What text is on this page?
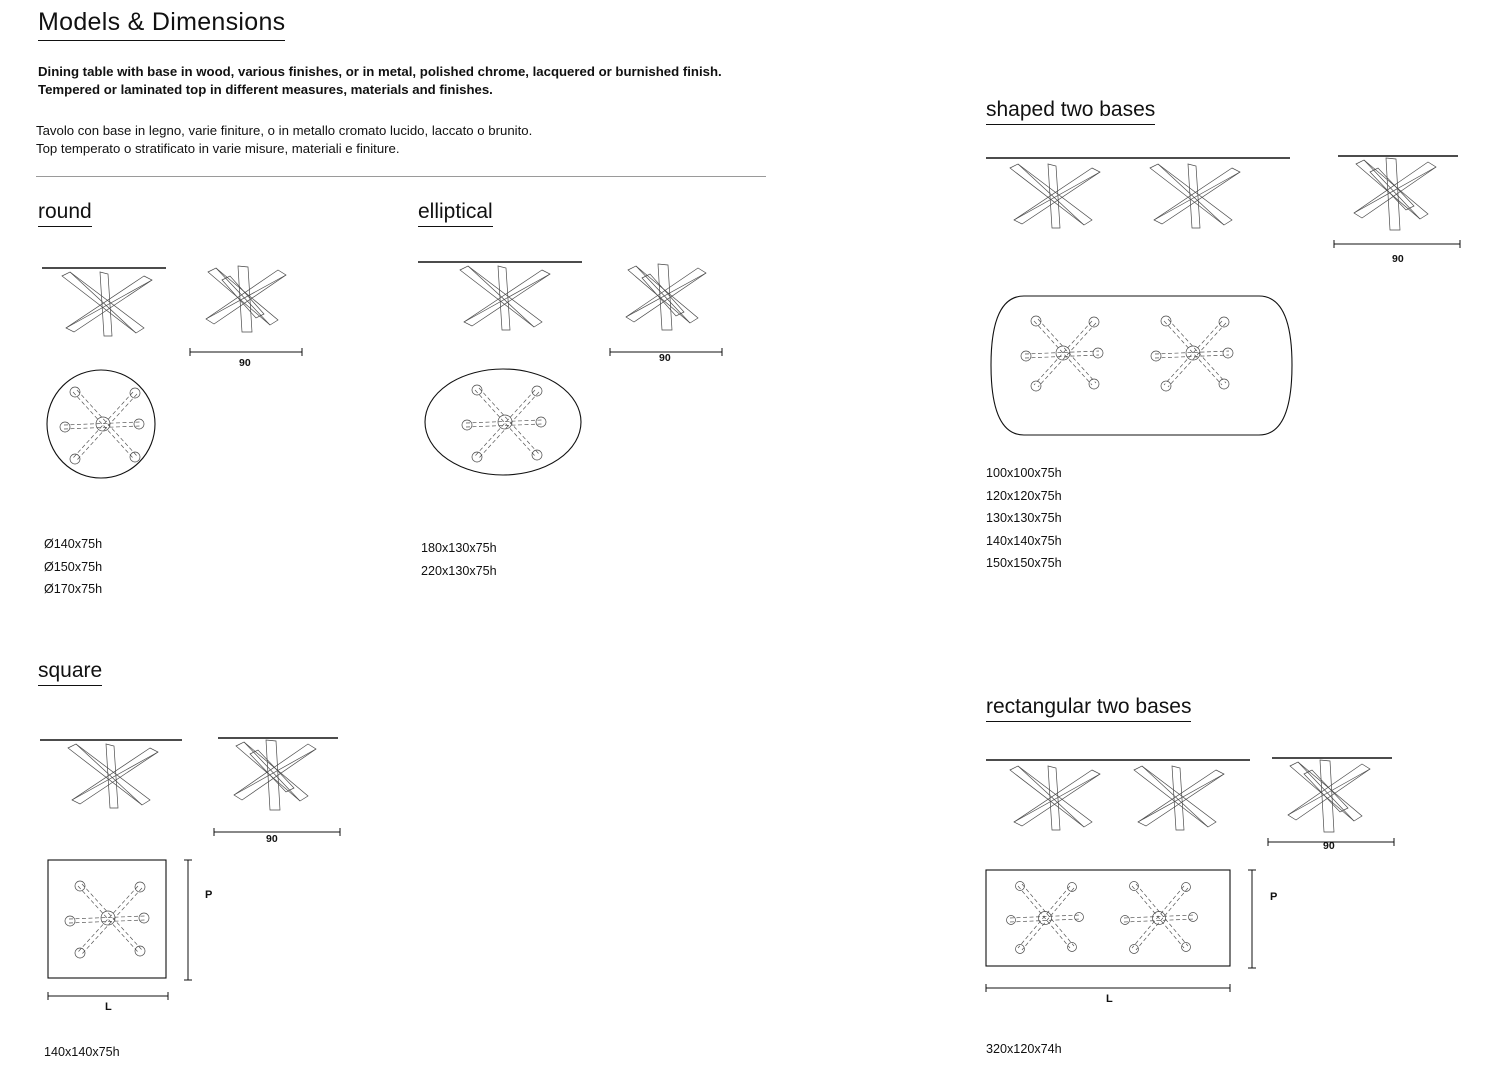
Models & Dimensions
Dining table with base in wood, various finishes, or in metal, polished chrome, lacquered or burnished finish. Tempered or laminated top in different measures, materials and finishes.
Tavolo con base in legno, varie finiture, o in metallo cromato lucido, laccato o brunito.
Top temperato o stratificato in varie misure, materiali e finiture.
round	elliptical
square
shaped two bases
rectangular two bases
90
Ø140x75h
Ø150x75h
Ø170x75h
90
180x130x75h
220x130x75h
90
P
L
140x140x75h
90
100x100x75h
120x120x75h
130x130x75h
140x140x75h
150x150x75h
90
P
L
320x120x74h
